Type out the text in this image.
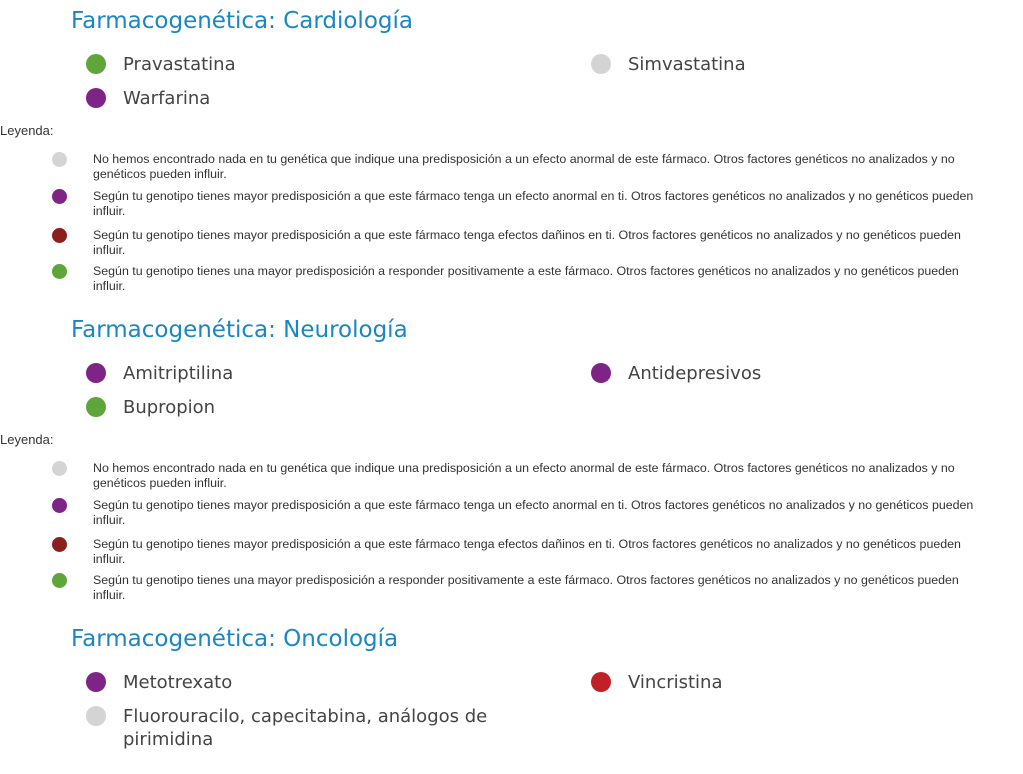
Farmacogenética: Cardiología
Pravastatina	Simvastatina
Warfarina

Leyenda:

No hemos encontrado nada en tu genética que indique una predisposición a un efecto anormal de este fármaco. Otros factores genéticos no analizados y no genéticos pueden influir.
Según tu genotipo tienes mayor predisposición a que este fármaco tenga un efecto anormal en ti. Otros factores genéticos no analizados y no genéticos pueden influir.
Según tu genotipo tienes mayor predisposición a que este fármaco tenga efectos dañinos en ti. Otros factores genéticos no analizados y no genéticos pueden influir.
Según tu genotipo tienes una mayor predisposición a responder positivamente a este fármaco. Otros factores genéticos no analizados y no genéticos pueden influir.
Farmacogenética: Neurología
Amitriptilina	Antidepresivos
Bupropion

Leyenda:

No hemos encontrado nada en tu genética que indique una predisposición a un efecto anormal de este fármaco. Otros factores genéticos no analizados y no genéticos pueden influir.
Según tu genotipo tienes mayor predisposición a que este fármaco tenga un efecto anormal en ti. Otros factores genéticos no analizados y no genéticos pueden influir.
Según tu genotipo tienes mayor predisposición a que este fármaco tenga efectos dañinos en ti. Otros factores genéticos no analizados y no genéticos pueden influir.
Según tu genotipo tienes una mayor predisposición a responder positivamente a este fármaco. Otros factores genéticos no analizados y no genéticos pueden influir.
Farmacogenética: Oncología
Metotrexato	Vincristina
Fluorouracilo, capecitabina, análogos de pirimidina
